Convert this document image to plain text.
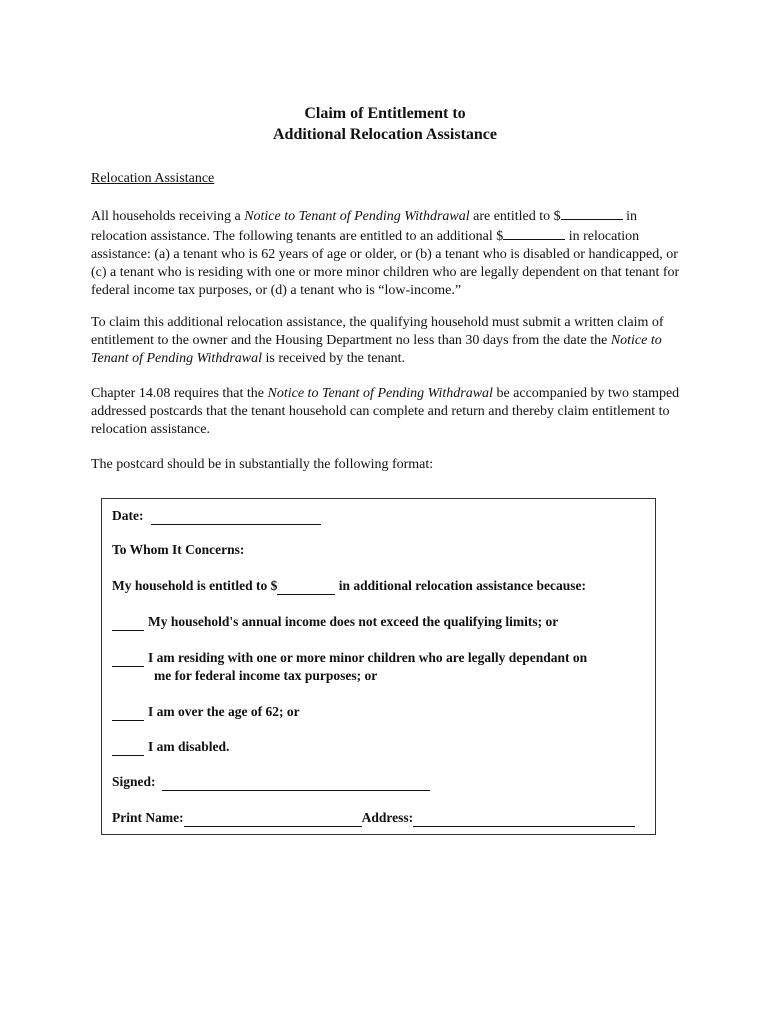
Claim of Entitlement to
Additional Relocation Assistance
Relocation Assistance

All households receiving a Notice to Tenant of Pending Withdrawal are entitled to $	in relocation assistance. The following tenants are entitled to an additional $	in relocation assistance: (a) a tenant who is 62 years of age or older, or (b) a tenant who is disabled or handicapped, or (c) a tenant who is residing with one or more minor children who are legally dependent on that tenant for federal income tax purposes, or (d) a tenant who is “low-income.”

To claim this additional relocation assistance, the qualifying household must submit a written claim of entitlement to the owner and the Housing Department no less than 30 days from the date the Notice to Tenant of Pending Withdrawal is received by the tenant.

Chapter 14.08 requires that the Notice to Tenant of Pending Withdrawal be accompanied by two stamped addressed postcards that the tenant household can complete and return and thereby claim entitlement to relocation assistance.

The postcard should be in substantially the following format:

Date:
To Whom It Concerns:
My household is entitled to $	in additional relocation assistance because:
My household's annual income does not exceed the qualifying limits; or
I am residing with one or more minor children who are legally dependant on
me for federal income tax purposes; or
I am over the age of 62; or
I am disabled.
Signed:
Print Name:	Address:
